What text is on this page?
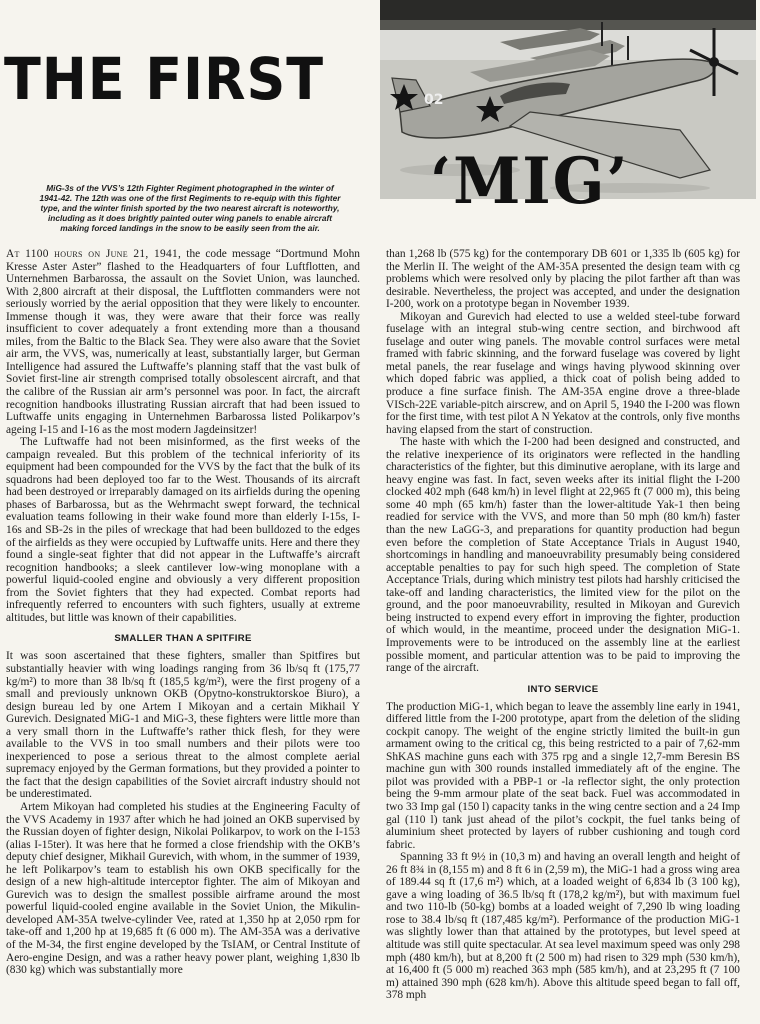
THE FIRST	02
‘MIG’

MiG-3s of the VVS’s 12th Fighter Regiment photographed in the winter of

1941-42. The 12th was one of the first Regiments to re-equip with this fighter

type, and the winter finish sported by the two nearest aircraft is noteworthy,

including as it does brightly painted outer wing panels to enable aircraft

making forced landings in the snow to be easily seen from the air.

At 1100 hours on June 21, 1941, the code message “Dortmund Mohn Kresse Aster Aster” flashed to the Headquarters of four Luftflotten, and Unternehmen Barbarossa, the assault on the Soviet Union, was launched. With 2,800 aircraft at their disposal, the Luftflotten commanders were not seriously worried by the aerial opposition that they were likely to encounter. Immense though it was, they were aware that their force was really insufficient to cover adequately a front extending more than a thousand miles, from the Baltic to the Black Sea. They were also aware that the Soviet air arm, the VVS, was, numerically at least, substantially larger, but German Intelligence had assured the Luftwaffe’s planning staff that the vast bulk of Soviet first-line air strength comprised totally obsolescent aircraft, and that the calibre of the Russian air arm’s personnel was poor. In fact, the aircraft recognition handbooks illustrating Russian aircraft that had been issued to Luftwaffe units engaging in Unternehmen Barbarossa listed Polikarpov’s ageing I-15 and I-16 as the most modern Jagdeinsitzer!

The Luftwaffe had not been misinformed, as the first weeks of the campaign revealed. But this problem of the technical inferiority of its equipment had been compounded for the VVS by the fact that the bulk of its squadrons had been deployed too far to the West. Thousands of its aircraft had been destroyed or irreparably damaged on its airfields during the opening phases of Barbarossa, but as the Wehrmacht swept forward, the technical evaluation teams following in their wake found more than elderly I-15s, I-16s and SB-2s in the piles of wreckage that had been bulldozed to the edges of the airfields as they were occupied by Luftwaffe units. Here and there they found a single-seat fighter that did not appear in the Luftwaffe’s aircraft recognition handbooks; a sleek cantilever low-wing monoplane with a powerful liquid-cooled engine and obviously a very different proposition from the Soviet fighters that they had expected. Combat reports had infrequently referred to encounters with such fighters, usually at extreme altitudes, but little was known of their capabilities.

SMALLER THAN A SPITFIRE

It was soon ascertained that these fighters, smaller than Spitfires but substantially heavier with wing loadings ranging from 36 lb/sq ft (175,77 kg/m²) to more than 38 lb/sq ft (185,5 kg/m²), were the first progeny of a small and previously unknown OKB (Opytno-konstruktorskoe Biuro), a design bureau led by one Artem I Mikoyan and a certain Mikhail Y Gurevich. Designated MiG-1 and MiG-3, these fighters were little more than a very small thorn in the Luftwaffe’s rather thick flesh, for they were available to the VVS in too small numbers and their pilots were too inexperienced to pose a serious threat to the almost complete aerial supremacy enjoyed by the German formations, but they provided a pointer to the fact that the design capabilities of the Soviet aircraft industry should not be underestimated.

Artem Mikoyan had completed his studies at the Engineering Faculty of the VVS Academy in 1937 after which he had joined an OKB supervised by the Russian doyen of fighter design, Nikolai Polikarpov, to work on the I-153 (alias I-15ter). It was here that he formed a close friendship with the OKB’s deputy chief designer, Mikhail Gurevich, with whom, in the summer of 1939, he left Polikarpov’s team to establish his own OKB specifically for the design of a new high-altitude interceptor fighter. The aim of Mikoyan and Gurevich was to design the smallest possible airframe around the most powerful liquid-cooled engine available in the Soviet Union, the Mikulin-developed AM-35A twelve-cylinder Vee, rated at 1,350 hp at 2,050 rpm for take-off and 1,200 hp at 19,685 ft (6 000 m). The AM-35A was a derivative of the M-34, the first engine developed by the TsIAM, or Central Institute of Aero-engine Design, and was a rather heavy power plant, weighing 1,830 lb (830 kg) which was substantially more

than 1,268 lb (575 kg) for the contemporary DB 601 or 1,335 lb (605 kg) for the Merlin II. The weight of the AM-35A presented the design team with cg problems which were resolved only by placing the pilot farther aft than was desirable. Nevertheless, the project was accepted, and under the designation I-200, work on a prototype began in November 1939.

Mikoyan and Gurevich had elected to use a welded steel-tube forward fuselage with an integral stub-wing centre section, and birchwood aft fuselage and outer wing panels. The movable control surfaces were metal framed with fabric skinning, and the forward fuselage was covered by light metal panels, the rear fuselage and wings having plywood skinning over which doped fabric was applied, a thick coat of polish being added to produce a fine surface finish. The AM-35A engine drove a three-blade VISch-22E variable-pitch airscrew, and on April 5, 1940 the I-200 was flown for the first time, with test pilot A N Yekatov at the controls, only five months having elapsed from the start of construction.

The haste with which the I-200 had been designed and constructed, and the relative inexperience of its originators were reflected in the handling characteristics of the fighter, but this diminutive aeroplane, with its large and heavy engine was fast. In fact, seven weeks after its initial flight the I-200 clocked 402 mph (648 km/h) in level flight at 22,965 ft (7 000 m), this being some 40 mph (65 km/h) faster than the lower-altitude Yak-1 then being readied for service with the VVS, and more than 50 mph (80 km/h) faster than the new LaGG-3, and preparations for quantity production had begun even before the completion of State Acceptance Trials in August 1940, shortcomings in handling and manoeuvrability presumably being considered acceptable penalties to pay for such high speed. The completion of State Acceptance Trials, during which ministry test pilots had harshly criticised the take-off and landing characteristics, the limited view for the pilot on the ground, and the poor manoeuvrability, resulted in Mikoyan and Gurevich being instructed to expend every effort in improving the fighter, production of which would, in the meantime, proceed under the designation MiG-1. Improvements were to be introduced on the assembly line at the earliest possible moment, and particular attention was to be paid to improving the range of the aircraft.

INTO SERVICE

The production MiG-1, which began to leave the assembly line early in 1941, differed little from the I-200 prototype, apart from the deletion of the sliding cockpit canopy. The weight of the engine strictly limited the built-in gun armament owing to the critical cg, this being restricted to a pair of 7,62-mm ShKAS machine guns each with 375 rpg and a single 12,7-mm Beresin BS machine gun with 300 rounds installed immediately aft of the engine. The pilot was provided with a PBP-1 or -la reflector sight, the only protection being the 9-mm armour plate of the seat back. Fuel was accommodated in two 33 Imp gal (150 l) capacity tanks in the wing centre section and a 24 Imp gal (110 l) tank just ahead of the pilot’s cockpit, the fuel tanks being of aluminium sheet protected by layers of rubber cushioning and tough cord fabric.

Spanning 33 ft 9½ in (10,3 m) and having an overall length and height of 26 ft 8¾ in (8,155 m) and 8 ft 6 in (2,59 m), the MiG-1 had a gross wing area of 189.44 sq ft (17,6 m²) which, at a loaded weight of 6,834 lb (3 100 kg), gave a wing loading of 36.5 lb/sq ft (178,2 kg/m²), but with maximum fuel and two 110-lb (50-kg) bombs at a loaded weight of 7,290 lb wing loading rose to 38.4 lb/sq ft (187,485 kg/m²). Performance of the production MiG-1 was slightly lower than that attained by the prototypes, but level speed at altitude was still quite spectacular. At sea level maximum speed was only 298 mph (480 km/h), but at 8,200 ft (2 500 m) had risen to 329 mph (530 km/h), at 16,400 ft (5 000 m) reached 363 mph (585 km/h), and at 23,295 ft (7 100 m) attained 390 mph (628 km/h). Above this altitude speed began to fall off, 378 mph
